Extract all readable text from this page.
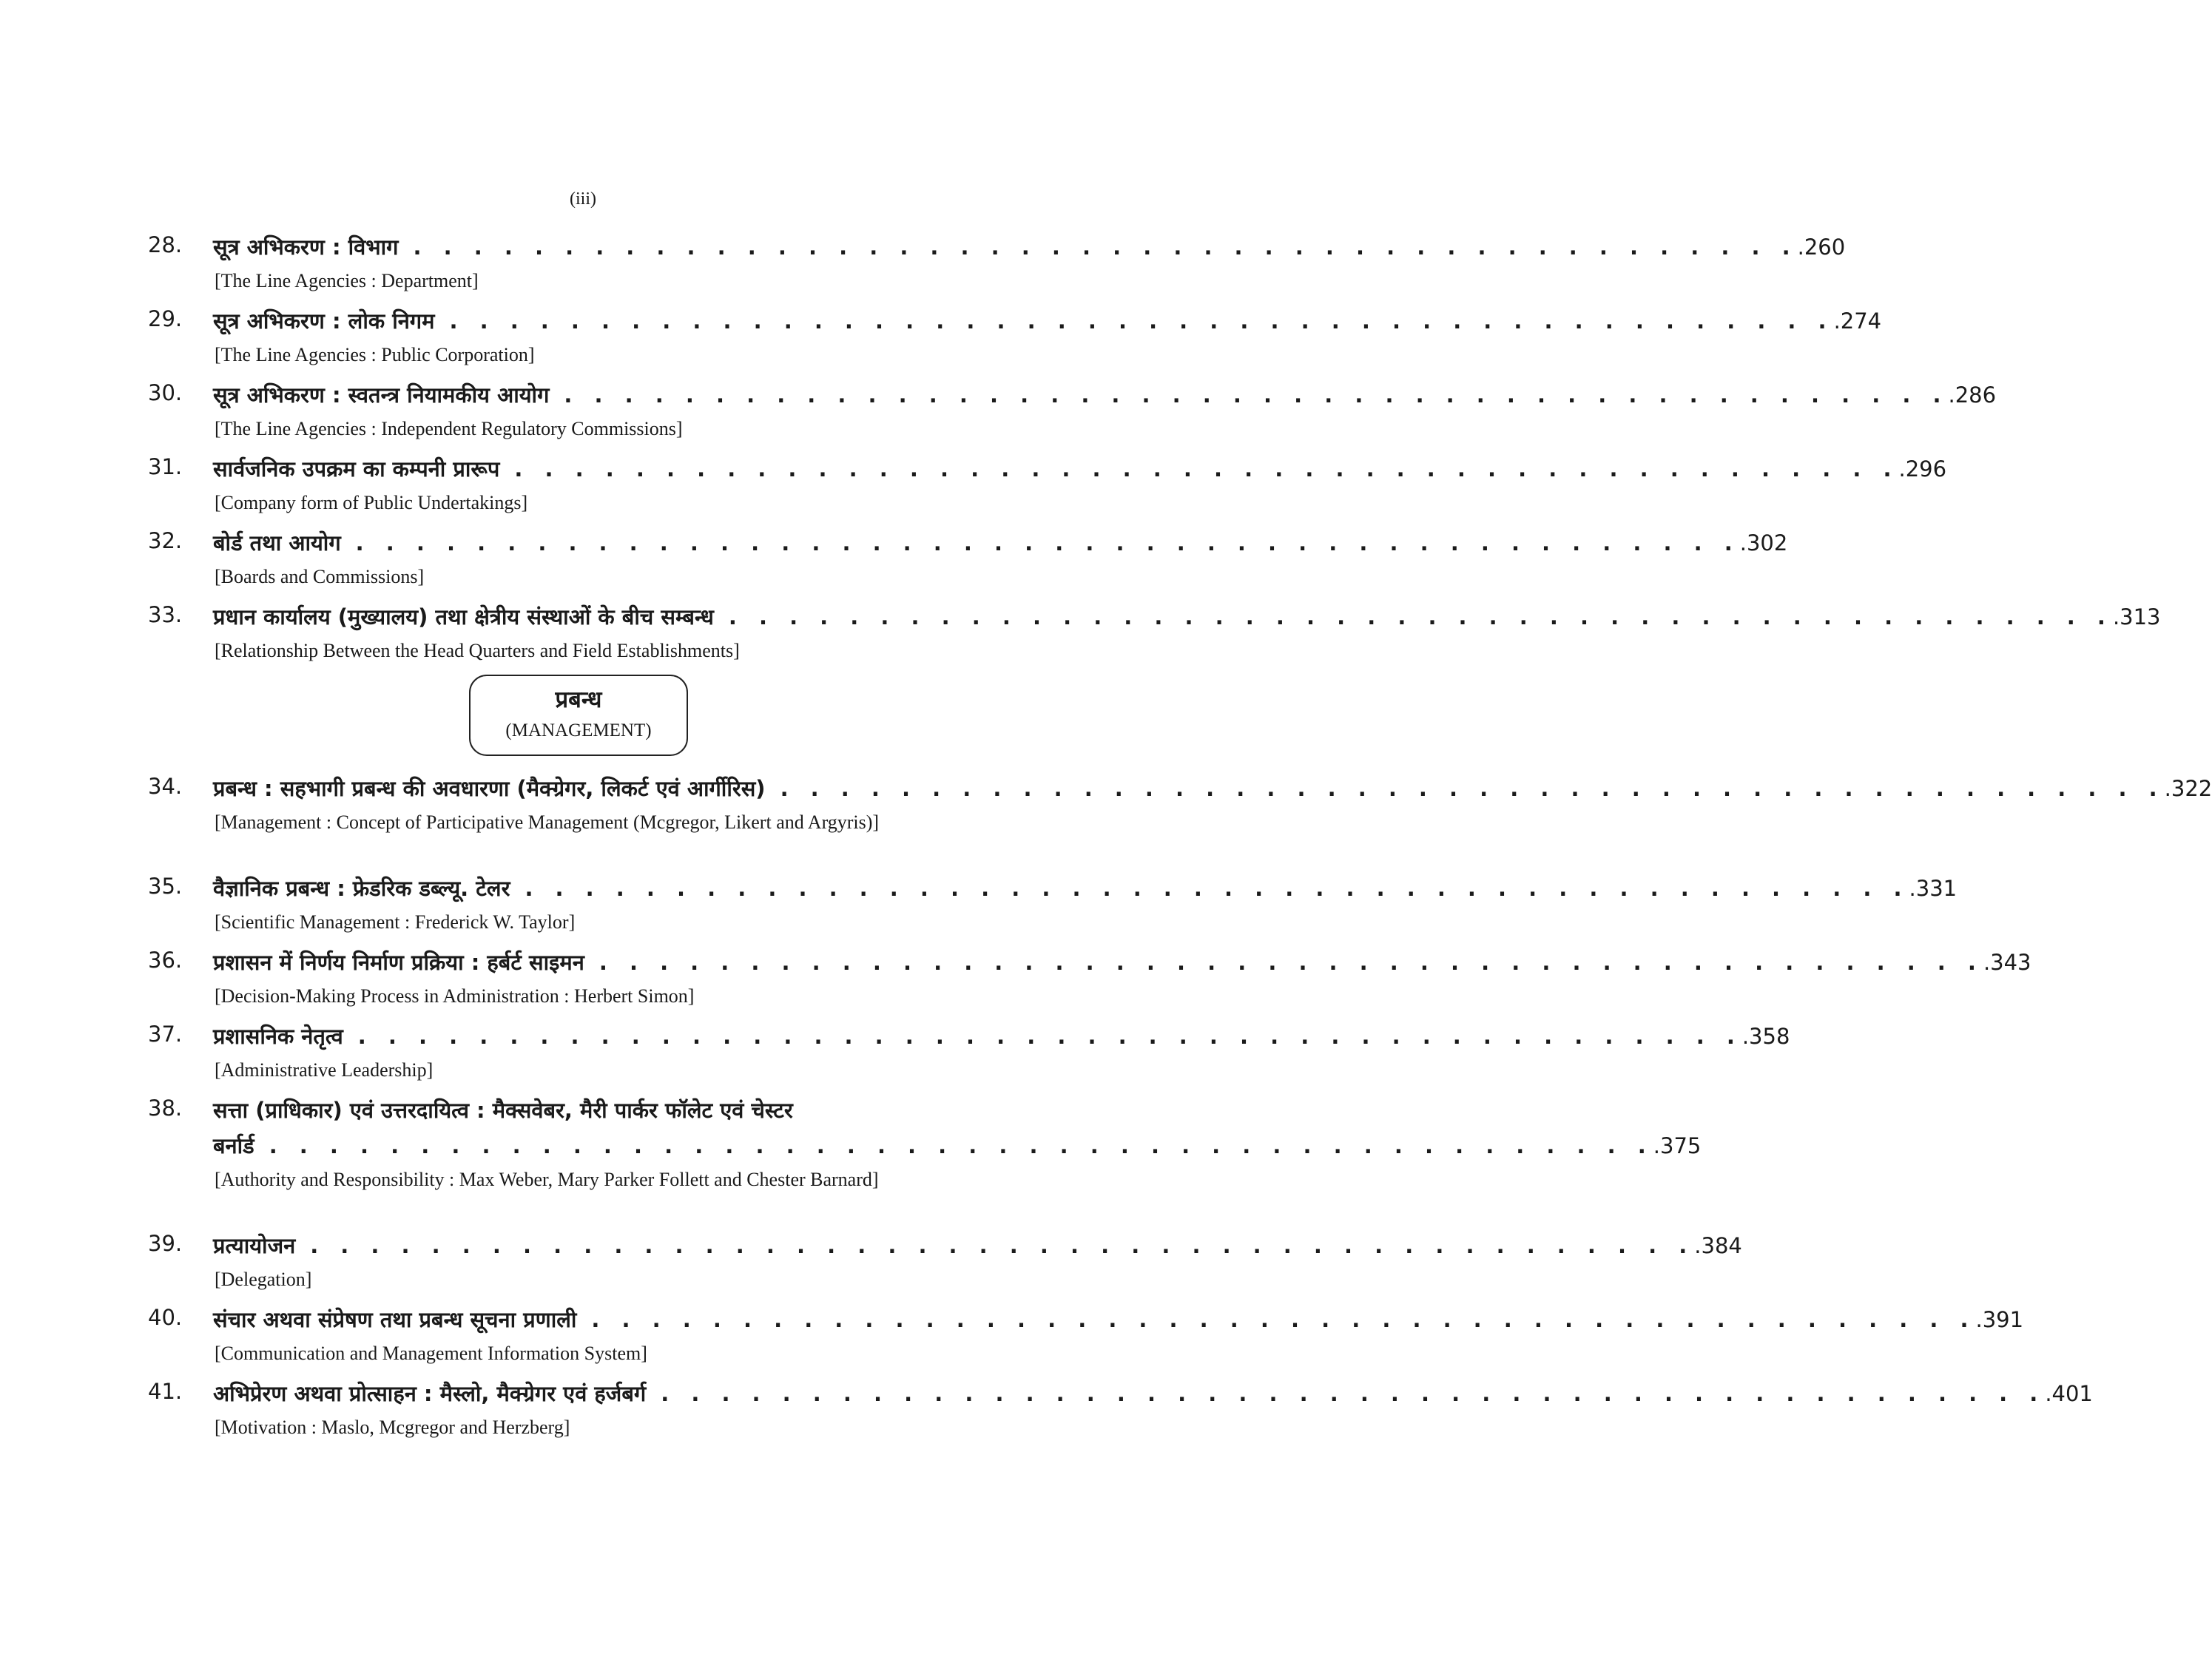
(iii)
28.	सूत्र अभिकरण : विभाग . . . . . . . . . . . . . . . . . . . . . . . . . . . . . . . . . . . . . . . . . . . . . . .260
[The Line Agencies : Department]
29.	सूत्र अभिकरण : लोक निगम . . . . . . . . . . . . . . . . . . . . . . . . . . . . . . . . . . . . . . . . . . . . . . .274
[The Line Agencies : Public Corporation]
30.	सूत्र अभिकरण : स्वतन्त्र नियामकीय आयोग . . . . . . . . . . . . . . . . . . . . . . . . . . . . . . . . . . . . . . . . . . . . . . .286
[The Line Agencies : Independent Regulatory Commissions]
31.	सार्वजनिक उपक्रम का कम्पनी प्रारूप . . . . . . . . . . . . . . . . . . . . . . . . . . . . . . . . . . . . . . . . . . . . . . .296
[Company form of Public Undertakings]
32.	बोर्ड तथा आयोग . . . . . . . . . . . . . . . . . . . . . . . . . . . . . . . . . . . . . . . . . . . . . . .302
[Boards and Commissions]
33.	प्रधान कार्यालय (मुख्यालय) तथा क्षेत्रीय संस्थाओं के बीच सम्बन्ध . . . . . . . . . . . . . . . . . . . . . . . . . . . . . . . . . . . . . . . . . . . . . . .313
[Relationship Between the Head Quarters and Field Establishments]
प्रबन्ध
(MANAGEMENT)
34.	प्रबन्ध : सहभागी प्रबन्ध की अवधारणा (मैक्ग्रेगर, लिकर्ट एवं आर्गीरिस) . . . . . . . . . . . . . . . . . . . . . . . . . . . . . . . . . . . . . . . . . . . . . . .322
[Management : Concept of Participative Management (Mcgregor, Likert and Argyris)]
35.	वैज्ञानिक प्रबन्ध : फ्रेडरिक डब्ल्यू. टेलर . . . . . . . . . . . . . . . . . . . . . . . . . . . . . . . . . . . . . . . . . . . . . . .331
[Scientific Management : Frederick W. Taylor]
36.	प्रशासन में निर्णय निर्माण प्रक्रिया : हर्बर्ट साइमन . . . . . . . . . . . . . . . . . . . . . . . . . . . . . . . . . . . . . . . . . . . . . . .343
[Decision-Making Process in Administration : Herbert Simon]
37.	प्रशासनिक नेतृत्व . . . . . . . . . . . . . . . . . . . . . . . . . . . . . . . . . . . . . . . . . . . . . . .358
[Administrative Leadership]
38.	सत्ता (प्राधिकार) एवं उत्तरदायित्व : मैक्सवेबर, मैरी पार्कर फॉलेट एवं चेस्टर
बर्नार्ड . . . . . . . . . . . . . . . . . . . . . . . . . . . . . . . . . . . . . . . . . . . . . . .375
[Authority and Responsibility : Max Weber, Mary Parker Follett and Chester Barnard]
39.	प्रत्यायोजन . . . . . . . . . . . . . . . . . . . . . . . . . . . . . . . . . . . . . . . . . . . . . . .384
[Delegation]
40.	संचार अथवा संप्रेषण तथा प्रबन्ध सूचना प्रणाली . . . . . . . . . . . . . . . . . . . . . . . . . . . . . . . . . . . . . . . . . . . . . . .391
[Communication and Management Information System]
41.	अभिप्रेरण अथवा प्रोत्साहन : मैस्लो, मैक्ग्रेगर एवं हर्जबर्ग . . . . . . . . . . . . . . . . . . . . . . . . . . . . . . . . . . . . . . . . . . . . . . .401
[Motivation : Maslo, Mcgregor and Herzberg]
